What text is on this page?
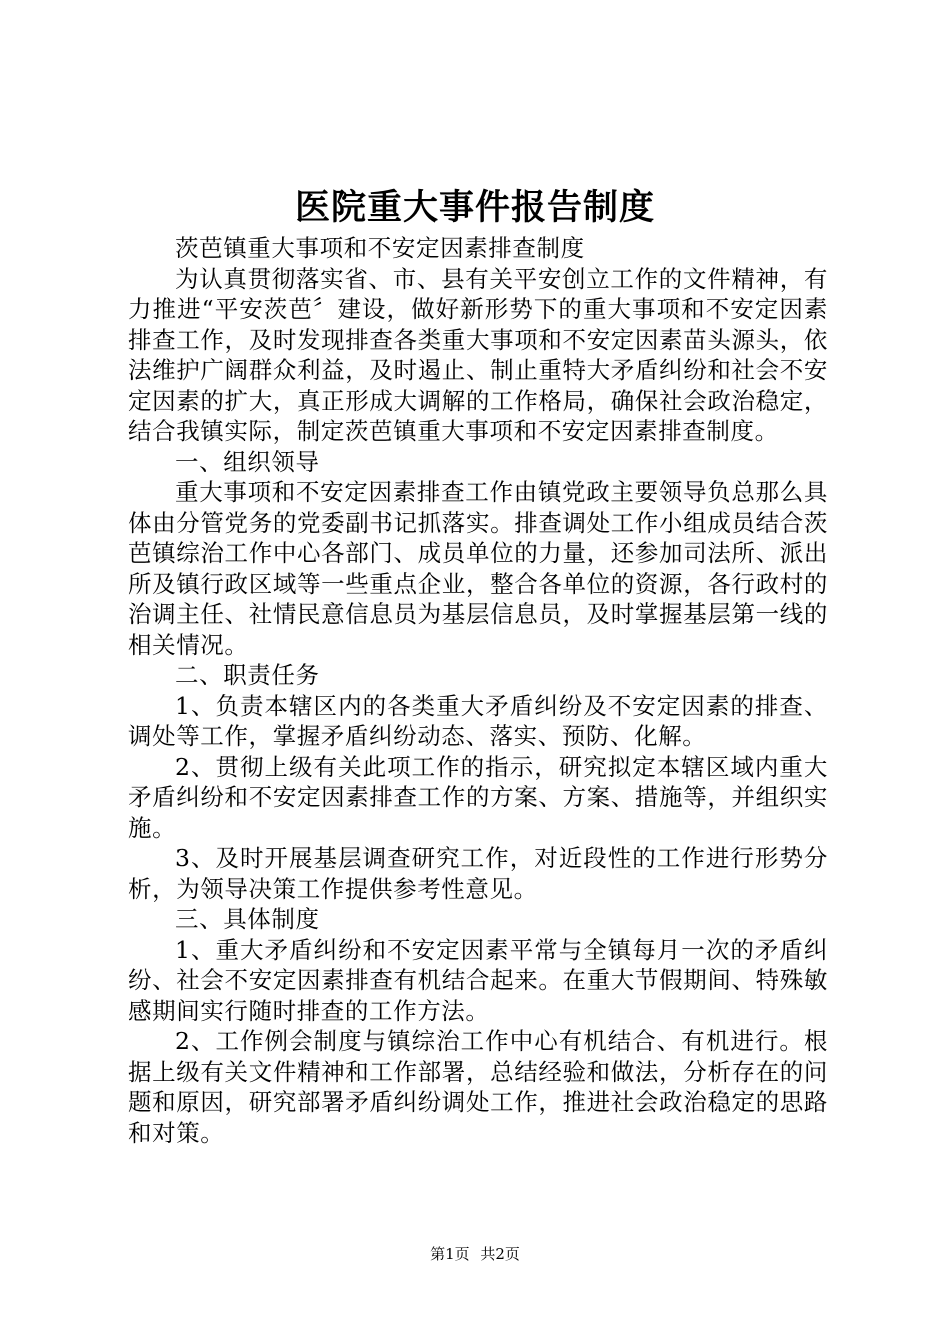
医院重大事件报告制度

茨芭镇重大事项和不安定因素排查制度

为认真贯彻落实省、市、县有关平安创立工作的文件精神，有力推进“平安茨芭〞建设，做好新形势下的重大事项和不安定因素排查工作，及时发现排查各类重大事项和不安定因素苗头源头，依法维护广阔群众利益，及时遏止、制止重特大矛盾纠纷和社会不安定因素的扩大，真正形成大调解的工作格局，确保社会政治稳定，结合我镇实际，制定茨芭镇重大事项和不安定因素排查制度。

一、组织领导

重大事项和不安定因素排查工作由镇党政主要领导负总那么具体由分管党务的党委副书记抓落实。排查调处工作小组成员结合茨芭镇综治工作中心各部门、成员单位的力量，还参加司法所、派出所及镇行政区域等一些重点企业，整合各单位的资源，各行政村的治调主任、社情民意信息员为基层信息员，及时掌握基层第一线的相关情况。

二、职责任务

1、负责本辖区内的各类重大矛盾纠纷及不安定因素的排查、调处等工作，掌握矛盾纠纷动态、落实、预防、化解。

2、贯彻上级有关此项工作的指示，研究拟定本辖区域内重大矛盾纠纷和不安定因素排查工作的方案、方案、措施等，并组织实施。

3、及时开展基层调查研究工作，对近段性的工作进行形势分析，为领导决策工作提供参考性意见。

三、具体制度

1、重大矛盾纠纷和不安定因素平常与全镇每月一次的矛盾纠纷、社会不安定因素排查有机结合起来。在重大节假期间、特殊敏感期间实行随时排查的工作方法。

2、工作例会制度与镇综治工作中心有机结合、有机进行。根据上级有关文件精神和工作部署，总结经验和做法，分析存在的问题和原因，研究部署矛盾纠纷调处工作，推进社会政治稳定的思路和对策。

第1页 共2页
